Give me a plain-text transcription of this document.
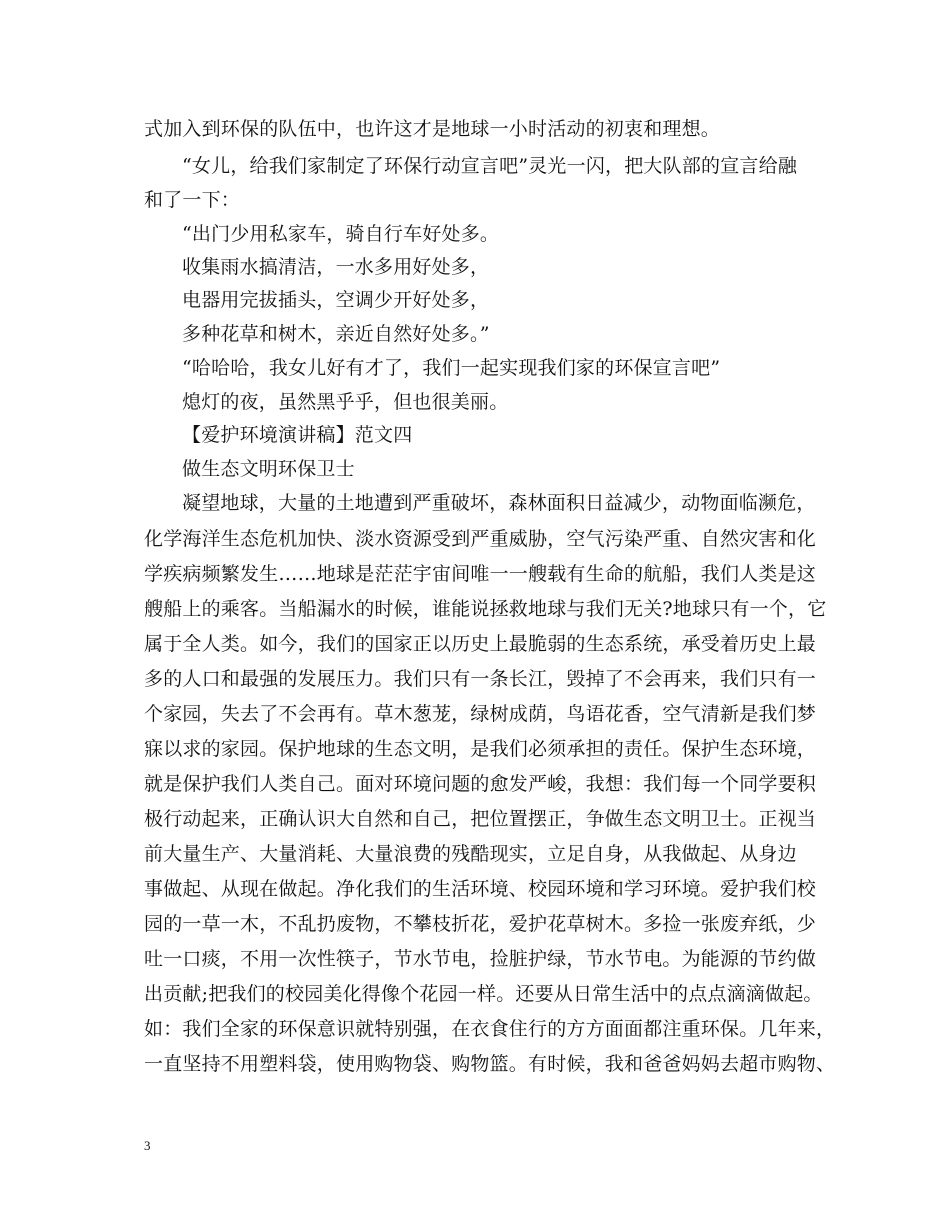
式加入到环保的队伍中，也许这才是地球一小时活动的初衷和理想。
“女儿，给我们家制定了环保行动宣言吧”灵光一闪，把大队部的宣言给融
和了一下：
“出门少用私家车，骑自行车好处多。
收集雨水搞清洁，一水多用好处多，
电器用完拔插头，空调少开好处多，
多种花草和树木，亲近自然好处多。”
“哈哈哈，我女儿好有才了，我们一起实现我们家的环保宣言吧”
熄灯的夜，虽然黑乎乎，但也很美丽。
【爱护环境演讲稿】范文四
做生态文明环保卫士
凝望地球，大量的土地遭到严重破坏，森林面积日益减少，动物面临濒危，
化学海洋生态危机加快、淡水资源受到严重威胁，空气污染严重、自然灾害和化
学疾病频繁发生……地球是茫茫宇宙间唯一一艘载有生命的航船，我们人类是这
艘船上的乘客。当船漏水的时候，谁能说拯救地球与我们无关?地球只有一个，它
属于全人类。如今，我们的国家正以历史上最脆弱的生态系统，承受着历史上最
多的人口和最强的发展压力。我们只有一条长江，毁掉了不会再来，我们只有一
个家园，失去了不会再有。草木葱茏，绿树成荫，鸟语花香，空气清新是我们梦
寐以求的家园。保护地球的生态文明，是我们必须承担的责任。保护生态环境，
就是保护我们人类自己。面对环境问题的愈发严峻，我想：我们每一个同学要积
极行动起来，正确认识大自然和自己，把位置摆正，争做生态文明卫士。正视当
前大量生产、大量消耗、大量浪费的残酷现实，立足自身，从我做起、从身边
事做起、从现在做起。净化我们的生活环境、校园环境和学习环境。爱护我们校
园的一草一木，不乱扔废物，不攀枝折花，爱护花草树木。多捡一张废弃纸，少
吐一口痰，不用一次性筷子，节水节电，捡脏护绿，节水节电。为能源的节约做
出贡献;把我们的校园美化得像个花园一样。还要从日常生活中的点点滴滴做起。
如：我们全家的环保意识就特别强，在衣食住行的方方面面都注重环保。几年来，
一直坚持不用塑料袋，使用购物袋、购物篮。有时候，我和爸爸妈妈去超市购物、
3
